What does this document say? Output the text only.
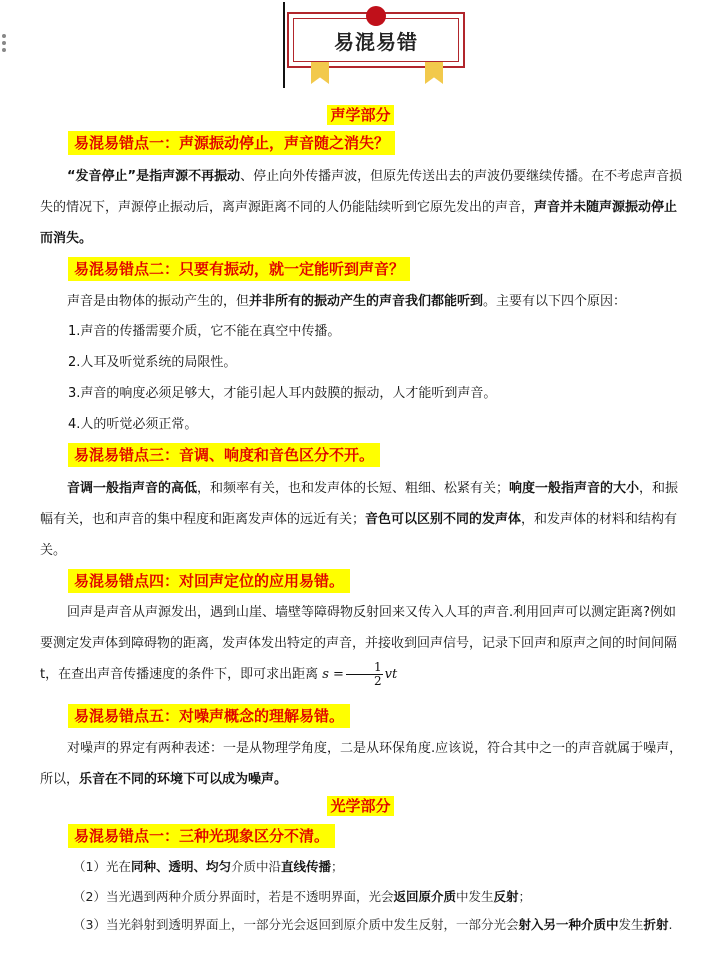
易混易错
声学部分
易混易错点一：声源振动停止，声音随之消失？
“发音停止”是指声源不再振动、停止向外传播声波，但原先传送出去的声波仍要继续传播。在不考虑声音损失的情况下，声源停止振动后，离声源距离不同的人仍能陆续听到它原先发出的声音，声音并未随声源振动停止而消失。
易混易错点二：只要有振动，就一定能听到声音？
声音是由物体的振动产生的，但并非所有的振动产生的声音我们都能听到。主要有以下四个原因：
1.声音的传播需要介质，它不能在真空中传播。
2.人耳及听觉系统的局限性。
3.声音的响度必须足够大，才能引起人耳内鼓膜的振动，人才能听到声音。
4.人的听觉必须正常。
易混易错点三：音调、响度和音色区分不开。
音调一般指声音的高低，和频率有关，也和发声体的长短、粗细、松紧有关；响度一般指声音的大小，和振幅有关，也和声音的集中程度和距离发声体的远近有关；音色可以区别不同的发声体，和发声体的材料和结构有关。
易混易错点四：对回声定位的应用易错。
回声是声音从声源发出，遇到山崖、墙壁等障碍物反射回来又传入人耳的声音.利用回声可以测定距离?例如要测定发声体到障碍物的距离，发声体发出特定的声音，并接收到回声信号，记录下回声和原声之间的时间间隔t，在查出声音传播速度的条件下，即可求出距离 $s = \frac{1}{2}$ vt
易混易错点五：对噪声概念的理解易错。
对噪声的界定有两种表述：一是从物理学角度，二是从环保角度.应该说，符合其中之一的声音就属于噪声，所以，乐音在不同的环境下可以成为噪声。
光学部分
易混易错点一：三种光现象区分不清。
（1）光在同种、透明、均匀介质中沿直线传播；
（2）当光遇到两种介质分界面时，若是不透明界面，光会返回原介质中发生反射；
（3）当光斜射到透明界面上，一部分光会返回到原介质中发生反射，一部分光会射入另一种介质中发生折射.
